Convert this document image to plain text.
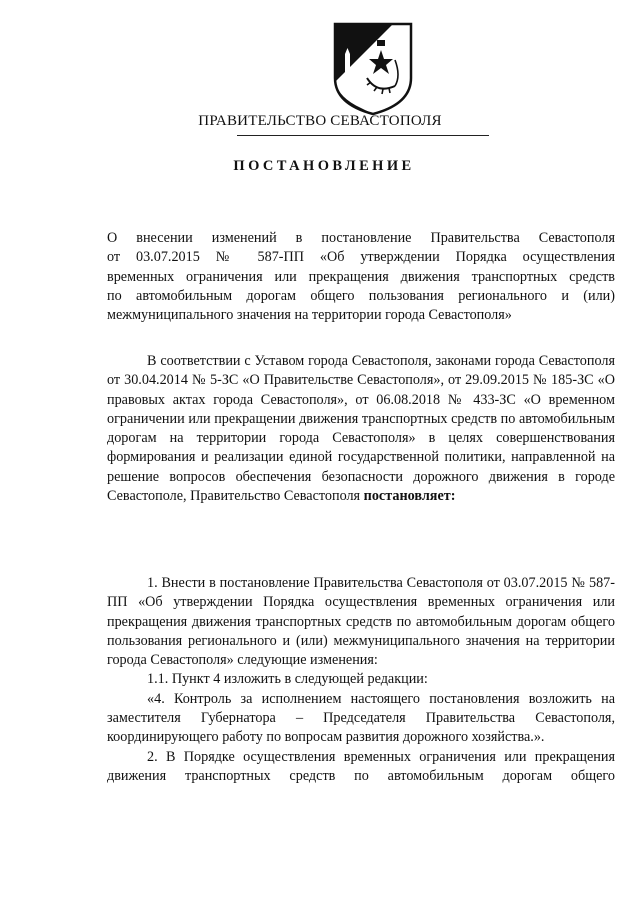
ПРАВИТЕЛЬСТВО СЕВАСТОПОЛЯ
ПОСТАНОВЛЕНИЕ

О внесении изменений в постановление Правительства Севастополя

от 03.07.2015 № 587-ПП «Об утверждении Порядка осуществления

временных ограничения или прекращения движения транспортных средств

по автомобильным дорогам общего пользования регионального и (или)

межмуниципального значения на территории города Севастополя»

В соответствии с Уставом города Севастополя, законами города Севастополя от 30.04.2014 № 5-ЗС «О Правительстве Севастополя», от 29.09.2015 № 185-ЗС «О правовых актах города Севастополя», от 06.08.2018 № 433-ЗС «О временном ограничении или прекращении движения транспортных средств по автомобильным дорогам на территории города Севастополя» в целях совершенствования формирования и реализации единой государственной политики, направленной на решение вопросов обеспечения безопасности дорожного движения в городе Севастополе, Правительство Севастополя постановляет:

1. Внести в постановление Правительства Севастополя от 03.07.2015 № 587-ПП «Об утверждении Порядка осуществления временных ограничения или прекращения движения транспортных средств по автомобильным дорогам общего пользования регионального и (или) межмуниципального значения на территории города Севастополя» следующие изменения:

1.1. Пункт 4 изложить в следующей редакции:

«4. Контроль за исполнением настоящего постановления возложить на заместителя Губернатора – Председателя Правительства Севастополя, координирующего работу по вопросам развития дорожного хозяйства.».

2. В Порядке осуществления временных ограничения или прекращения движения транспортных средств по автомобильным дорогам общего
